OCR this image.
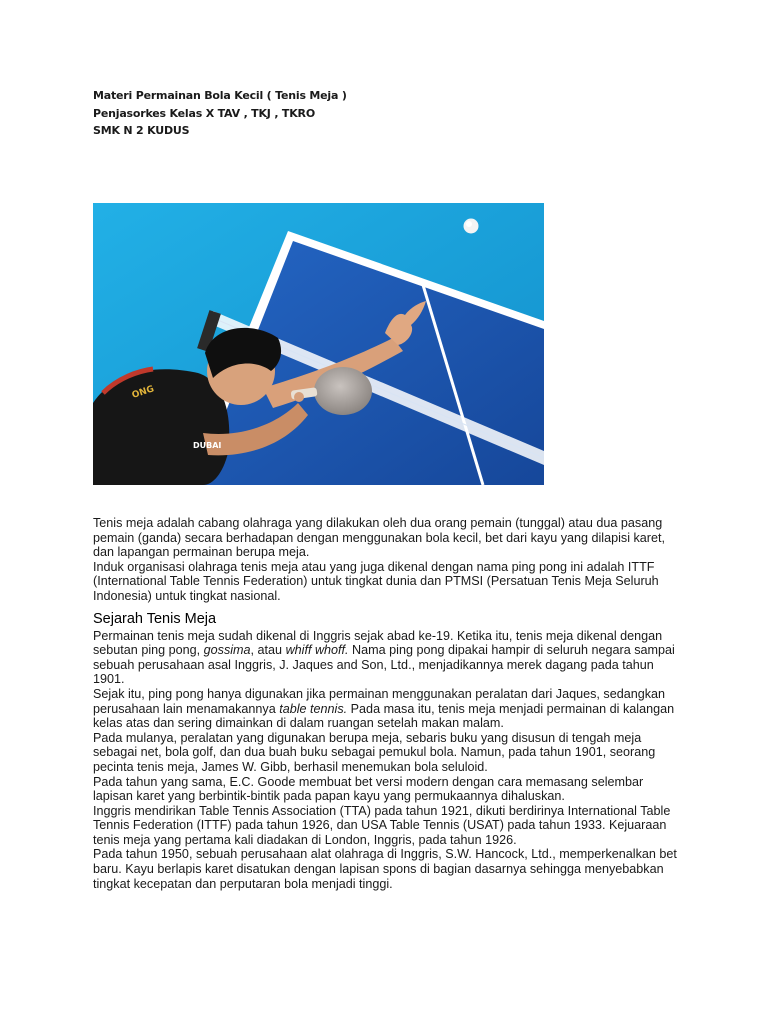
Materi Permainan Bola Kecil ( Tenis Meja )
Penjasorkes Kelas X TAV , TKJ , TKRO
SMK N 2 KUDUS
DUBAI
ONG

Tenis meja adalah cabang olahraga yang dilakukan oleh dua orang pemain (tunggal) atau dua pasang pemain (ganda) secara berhadapan dengan menggunakan bola kecil, bet dari kayu yang dilapisi karet, dan lapangan permainan berupa meja.

Induk organisasi olahraga tenis meja atau yang juga dikenal dengan nama ping pong ini adalah ITTF (International Table Tennis Federation) untuk tingkat dunia dan PTMSI (Persatuan Tenis Meja Seluruh Indonesia) untuk tingkat nasional.

Sejarah Tenis Meja

Permainan tenis meja sudah dikenal di Inggris sejak abad ke-19. Ketika itu, tenis meja dikenal dengan sebutan ping pong, gossima, atau whiff whoff. Nama ping pong dipakai hampir di seluruh negara sampai sebuah perusahaan asal Inggris, J. Jaques and Son, Ltd., menjadikannya merek dagang pada tahun 1901.

Sejak itu, ping pong hanya digunakan jika permainan menggunakan peralatan dari Jaques, sedangkan perusahaan lain menamakannya table tennis. Pada masa itu, tenis meja menjadi permainan di kalangan kelas atas dan sering dimainkan di dalam ruangan setelah makan malam.

Pada mulanya, peralatan yang digunakan berupa meja, sebaris buku yang disusun di tengah meja sebagai net, bola golf, dan dua buah buku sebagai pemukul bola. Namun, pada tahun 1901, seorang pecinta tenis meja, James W. Gibb, berhasil menemukan bola seluloid.

Pada tahun yang sama, E.C. Goode membuat bet versi modern dengan cara memasang selembar lapisan karet yang berbintik-bintik pada papan kayu yang permukaannya dihaluskan.

Inggris mendirikan Table Tennis Association (TTA) pada tahun 1921, dikuti berdirinya International Table Tennis Federation (ITTF) pada tahun 1926, dan USA Table Tennis (USAT) pada tahun 1933. Kejuaraan tenis meja yang pertama kali diadakan di London, Inggris, pada tahun 1926.

Pada tahun 1950, sebuah perusahaan alat olahraga di Inggris, S.W. Hancock, Ltd., memperkenalkan bet baru. Kayu berlapis karet disatukan dengan lapisan spons di bagian dasarnya sehingga menyebabkan tingkat kecepatan dan perputaran bola menjadi tinggi.
